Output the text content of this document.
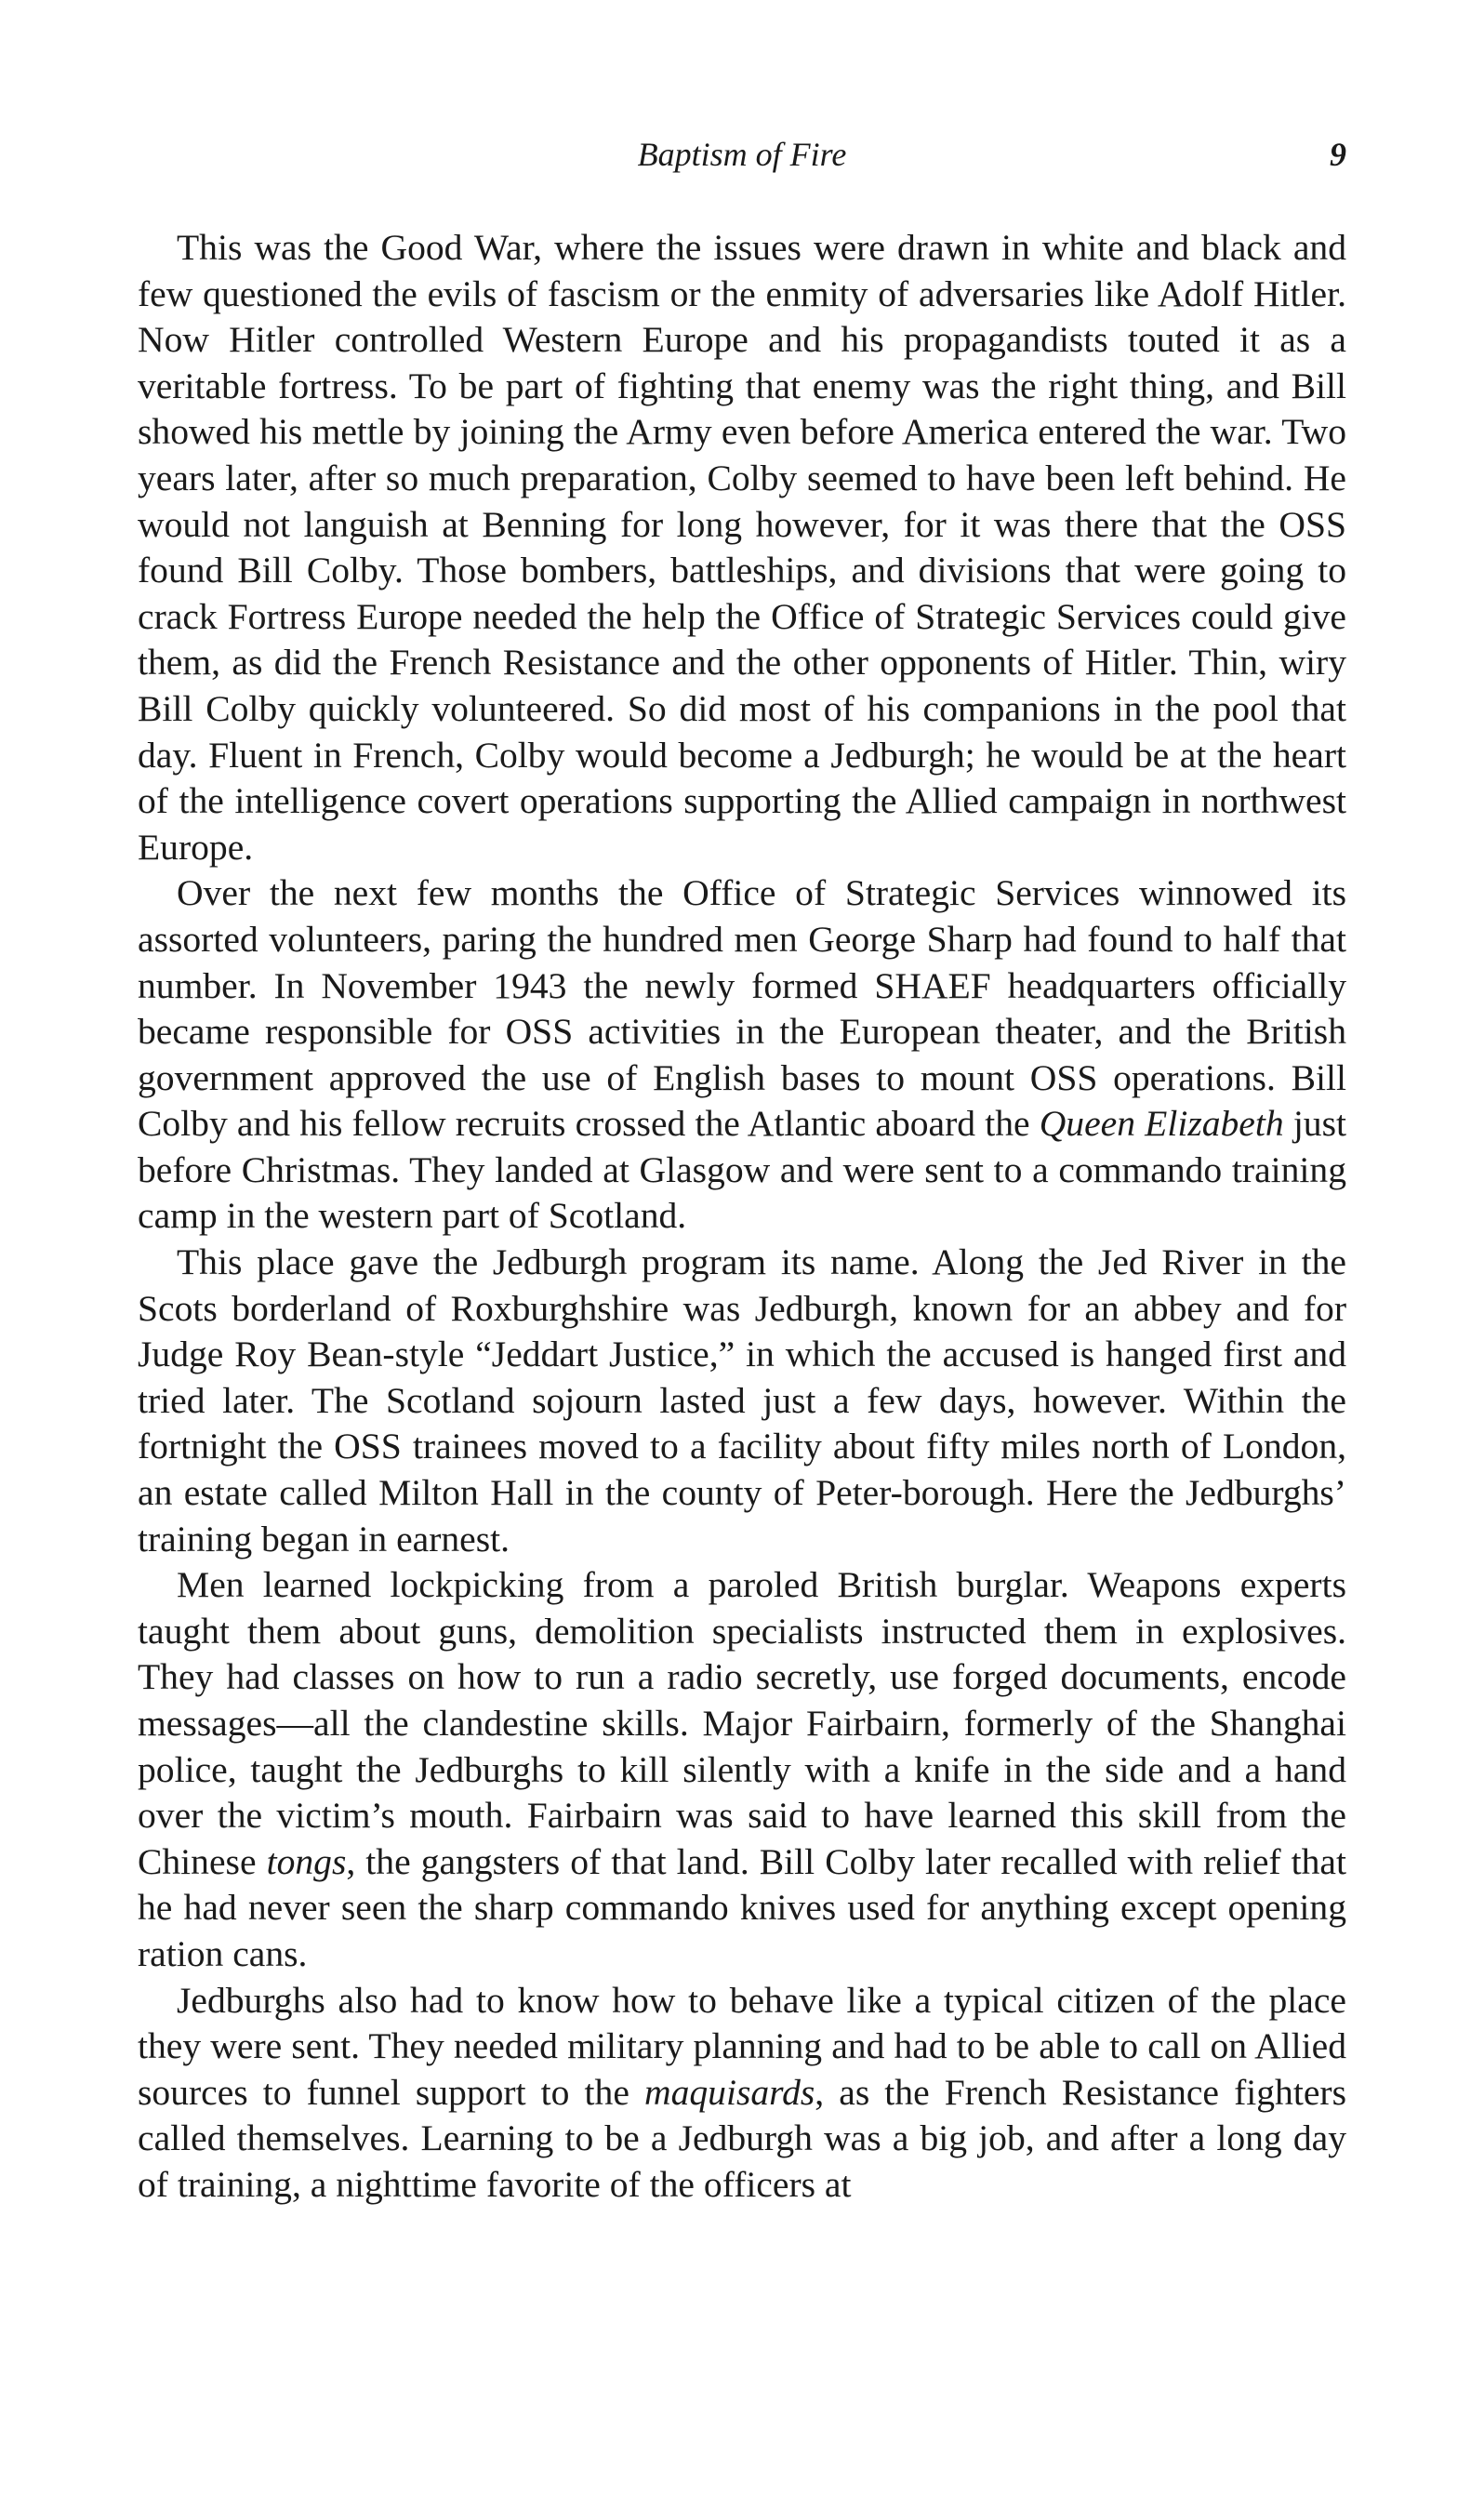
Baptism of Fire	9

This was the Good War, where the issues were drawn in white and black and few questioned the evils of fascism or the enmity of adversaries like Adolf Hitler. Now Hitler controlled Western Europe and his propagandists touted it as a veritable fortress. To be part of fighting that enemy was the right thing, and Bill showed his mettle by joining the Army even before America entered the war. Two years later, after so much preparation, Colby seemed to have been left behind. He would not languish at Benning for long however, for it was there that the OSS found Bill Colby. Those bombers, battleships, and divisions that were going to crack Fortress Europe needed the help the Office of Strategic Services could give them, as did the French Resistance and the other opponents of Hitler. Thin, wiry Bill Colby quickly volunteered. So did most of his companions in the pool that day. Fluent in French, Colby would become a Jedburgh; he would be at the heart of the intelligence covert operations supporting the Allied campaign in northwest Europe.

Over the next few months the Office of Strategic Services winnowed its assorted volunteers, paring the hundred men George Sharp had found to half that number. In November 1943 the newly formed SHAEF headquarters officially became responsible for OSS activities in the European theater, and the British government approved the use of English bases to mount OSS operations. Bill Colby and his fellow recruits crossed the Atlantic aboard the Queen Elizabeth just before Christmas. They landed at Glasgow and were sent to a commando training camp in the western part of Scotland.

This place gave the Jedburgh program its name. Along the Jed River in the Scots borderland of Roxburghshire was Jedburgh, known for an abbey and for Judge Roy Bean-style “Jeddart Justice,” in which the accused is hanged first and tried later. The Scotland sojourn lasted just a few days, however. Within the fortnight the OSS trainees moved to a facility about fifty miles north of London, an estate called Milton Hall in the county of Peter-borough. Here the Jedburghs’ training began in earnest.

Men learned lockpicking from a paroled British burglar. Weapons experts taught them about guns, demolition specialists instructed them in explosives. They had classes on how to run a radio secretly, use forged documents, encode messages—all the clandestine skills. Major Fairbairn, formerly of the Shanghai police, taught the Jedburghs to kill silently with a knife in the side and a hand over the victim’s mouth. Fairbairn was said to have learned this skill from the Chinese tongs, the gangsters of that land. Bill Colby later recalled with relief that he had never seen the sharp commando knives used for anything except opening ration cans.

Jedburghs also had to know how to behave like a typical citizen of the place they were sent. They needed military planning and had to be able to call on Allied sources to funnel support to the maquisards, as the French Resistance fighters called themselves. Learning to be a Jedburgh was a big job, and after a long day of training, a nighttime favorite of the officers at
